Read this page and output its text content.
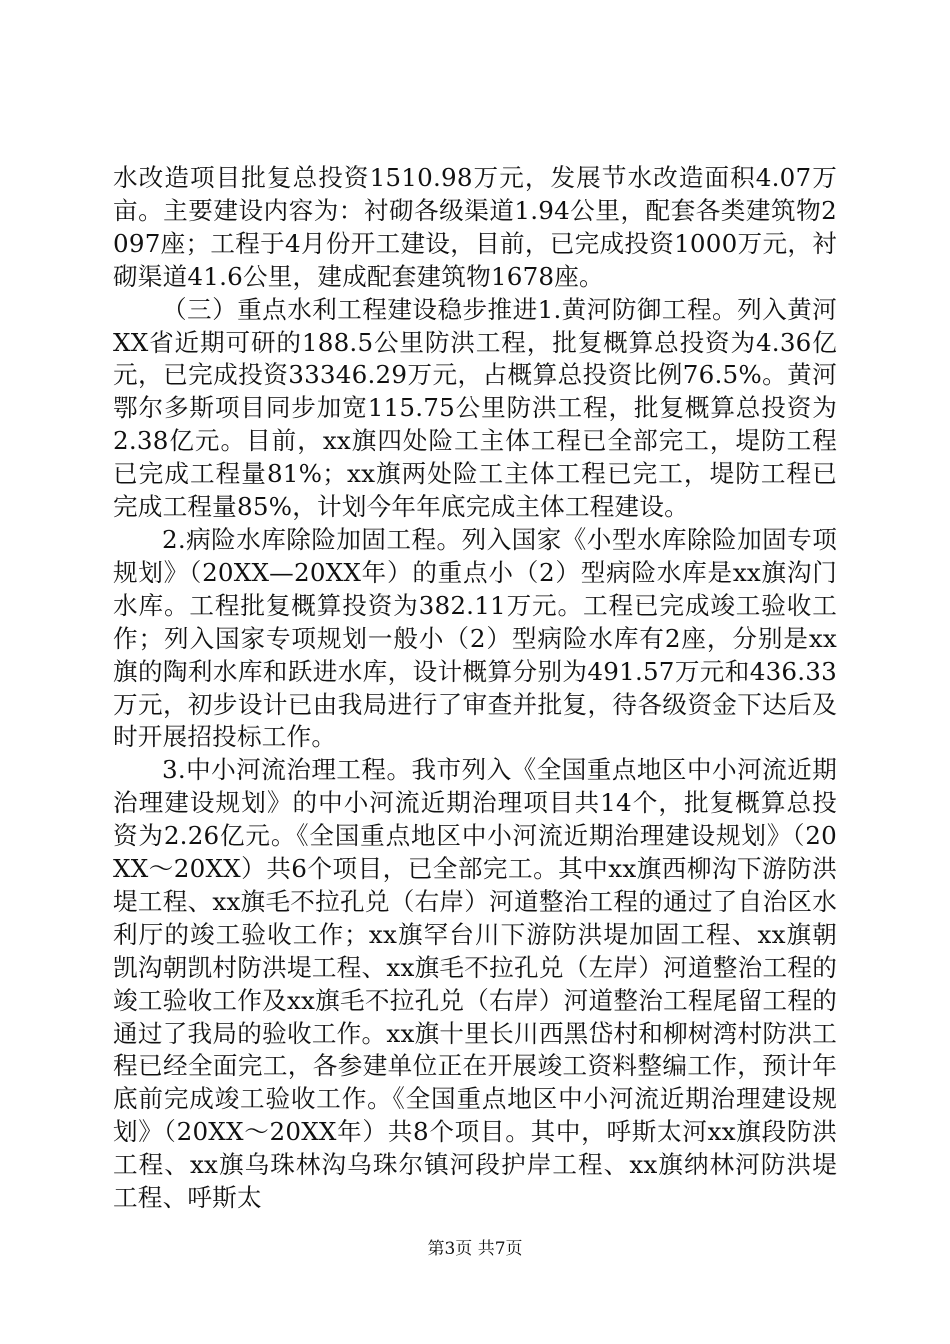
水改造项目批复总投资1510.98万元，发展节水改造面积4.07万亩。主要建设内容为：衬砌各级渠道1.94公里，配套各类建筑物2097座；工程于4月份开工建设，目前，已完成投资1000万元，衬砌渠道41.6公里，建成配套建筑物1678座。

（三）重点水利工程建设稳步推进1.黄河防御工程。列入黄河XX省近期可研的188.5公里防洪工程，批复概算总投资为4.36亿元，已完成投资33346.29万元，占概算总投资比例76.5%。黄河鄂尔多斯项目同步加宽115.75公里防洪工程，批复概算总投资为2.38亿元。目前，xx旗四处险工主体工程已全部完工，堤防工程已完成工程量81%；xx旗两处险工主体工程已完工，堤防工程已完成工程量85%，计划今年年底完成主体工程建设。

2.病险水库除险加固工程。列入国家《小型水库除险加固专项规划》（20XX—20XX年）的重点小（2）型病险水库是xx旗沟门水库。工程批复概算投资为382.11万元。工程已完成竣工验收工作；列入国家专项规划一般小（2）型病险水库有2座，分别是xx旗的陶利水库和跃进水库，设计概算分别为491.57万元和436.33万元，初步设计已由我局进行了审查并批复，待各级资金下达后及时开展招投标工作。

3.中小河流治理工程。我市列入《全国重点地区中小河流近期治理建设规划》的中小河流近期治理项目共14个，批复概算总投资为2.26亿元。《全国重点地区中小河流近期治理建设规划》（20XX～20XX）共6个项目，已全部完工。其中xx旗西柳沟下游防洪堤工程、xx旗毛不拉孔兑（右岸）河道整治工程的通过了自治区水利厅的竣工验收工作；xx旗罕台川下游防洪堤加固工程、xx旗朝凯沟朝凯村防洪堤工程、xx旗毛不拉孔兑（左岸）河道整治工程的竣工验收工作及xx旗毛不拉孔兑（右岸）河道整治工程尾留工程的通过了我局的验收工作。xx旗十里长川西黑岱村和柳树湾村防洪工程已经全面完工，各参建单位正在开展竣工资料整编工作，预计年底前完成竣工验收工作。《全国重点地区中小河流近期治理建设规划》（20XX～20XX年）共8个项目。其中，呼斯太河xx旗段防洪工程、xx旗乌珠林沟乌珠尔镇河段护岸工程、xx旗纳林河防洪堤工程、呼斯太

第3页 共7页
